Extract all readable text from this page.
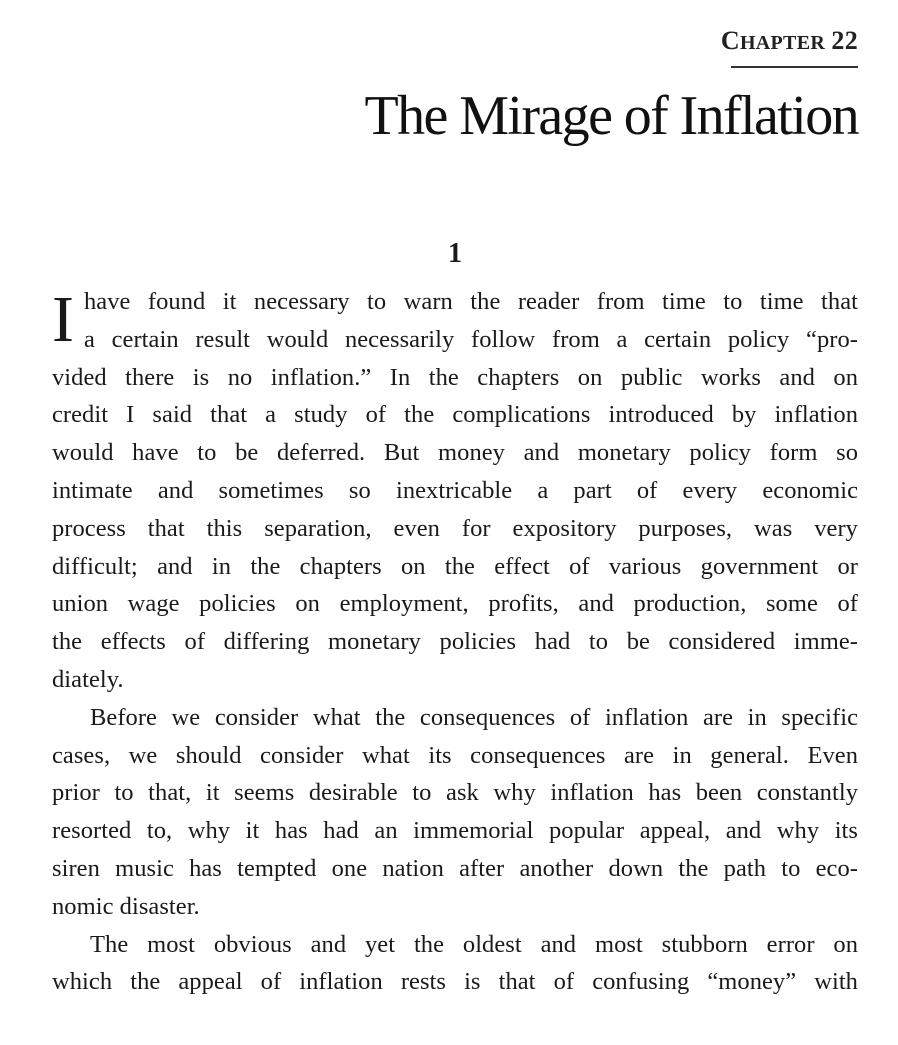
CHAPTER 22
The Mirage of Inflation
1
I have found it necessary to warn the reader from time to time that
a certain result would necessarily follow from a certain policy “pro-
vided there is no inflation.” In the chapters on public works and on
credit I said that a study of the complications introduced by inflation
would have to be deferred. But money and monetary policy form so
intimate and sometimes so inextricable a part of every economic
process that this separation, even for expository purposes, was very
difficult; and in the chapters on the effect of various government or
union wage policies on employment, profits, and production, some of
the effects of differing monetary policies had to be considered imme-
diately.
Before we consider what the consequences of inflation are in specific
cases, we should consider what its consequences are in general. Even
prior to that, it seems desirable to ask why inflation has been constantly
resorted to, why it has had an immemorial popular appeal, and why its
siren music has tempted one nation after another down the path to eco-
nomic disaster.
The most obvious and yet the oldest and most stubborn error on
which the appeal of inflation rests is that of confusing “money” with
